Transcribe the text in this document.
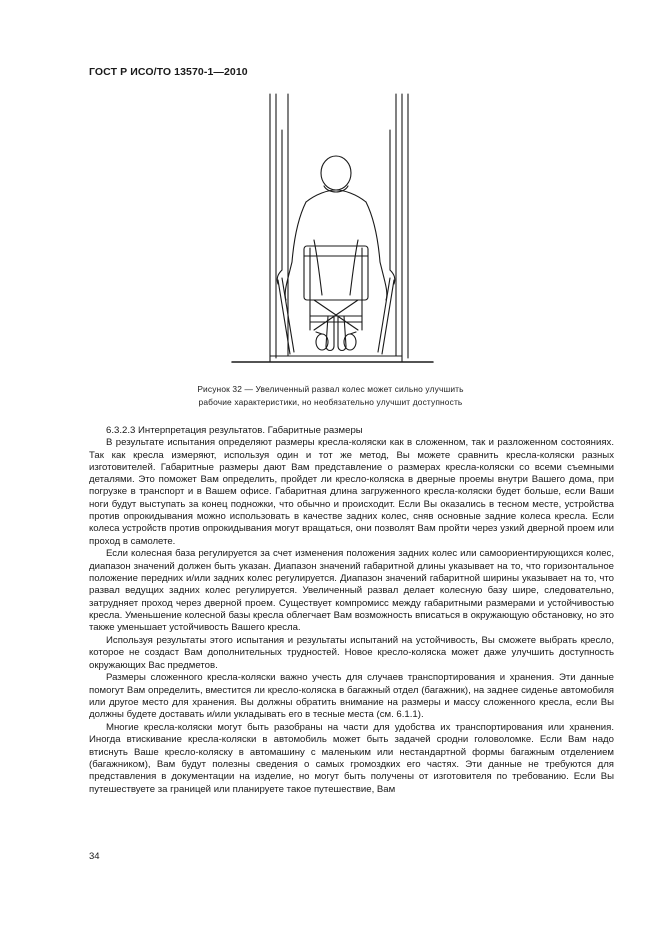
ГОСТ Р ИСО/ТО 13570-1—2010
Рисунок 32 — Увеличенный развал колес может сильно улучшить
рабочие характеристики, но необязательно улучшит доступность

6.3.2.3 Интерпретация результатов. Габаритные размеры

В результате испытания определяют размеры кресла-коляски как в сложенном, так и разложенном состояниях. Так как кресла измеряют, используя один и тот же метод, Вы можете сравнить кресла-коляски разных изготовителей. Габаритные размеры дают Вам представление о размерах кресла-коляски со всеми съемными деталями. Это поможет Вам определить, пройдет ли кресло-коляска в дверные проемы внутри Вашего дома, при погрузке в транспорт и в Вашем офисе. Габаритная длина загруженного кресла-коляски будет больше, если Ваши ноги будут выступать за конец подножки, что обычно и происходит. Если Вы оказались в тесном месте, устройства против опрокидывания можно использовать в качестве задних колес, сняв основные задние колеса кресла. Если колеса устройств против опрокидывания могут вращаться, они позволят Вам пройти через узкий дверной проем или проход в самолете.

Если колесная база регулируется за счет изменения положения задних колес или самоориентирующихся колес, диапазон значений должен быть указан. Диапазон значений габаритной длины указывает на то, что горизонтальное положение передних и/или задних колес регулируется. Диапазон значений габаритной ширины указывает на то, что развал ведущих задних колес регулируется. Увеличенный развал делает колесную базу шире, следовательно, затрудняет проход через дверной проем. Существует компромисс между габаритными размерами и устойчивостью кресла. Уменьшение колесной базы кресла облегчает Вам возможность вписаться в окружающую обстановку, но это также уменьшает устойчивость Вашего кресла.

Используя результаты этого испытания и результаты испытаний на устойчивость, Вы сможете выбрать кресло, которое не создаст Вам дополнительных трудностей. Новое кресло-коляска может даже улучшить доступность окружающих Вас предметов.

Размеры сложенного кресла-коляски важно учесть для случаев транспортирования и хранения. Эти данные помогут Вам определить, вместится ли кресло-коляска в багажный отдел (багажник), на заднее сиденье автомобиля или другое место для хранения. Вы должны обратить внимание на размеры и массу сложенного кресла, если Вы должны будете доставать и/или укладывать его в тесные места (см. 6.1.1).

Многие кресла-коляски могут быть разобраны на части для удобства их транспортирования или хранения. Иногда втискивание кресла-коляски в автомобиль может быть задачей сродни головоломке. Если Вам надо втиснуть Ваше кресло-коляску в автомашину с маленьким или нестандартной формы багажным отделением (багажником), Вам будут полезны сведения о самых громоздких его частях. Эти данные не требуются для представления в документации на изделие, но могут быть получены от изготовителя по требованию. Если Вы путешествуете за границей или планируете такое путешествие, Вам

34
